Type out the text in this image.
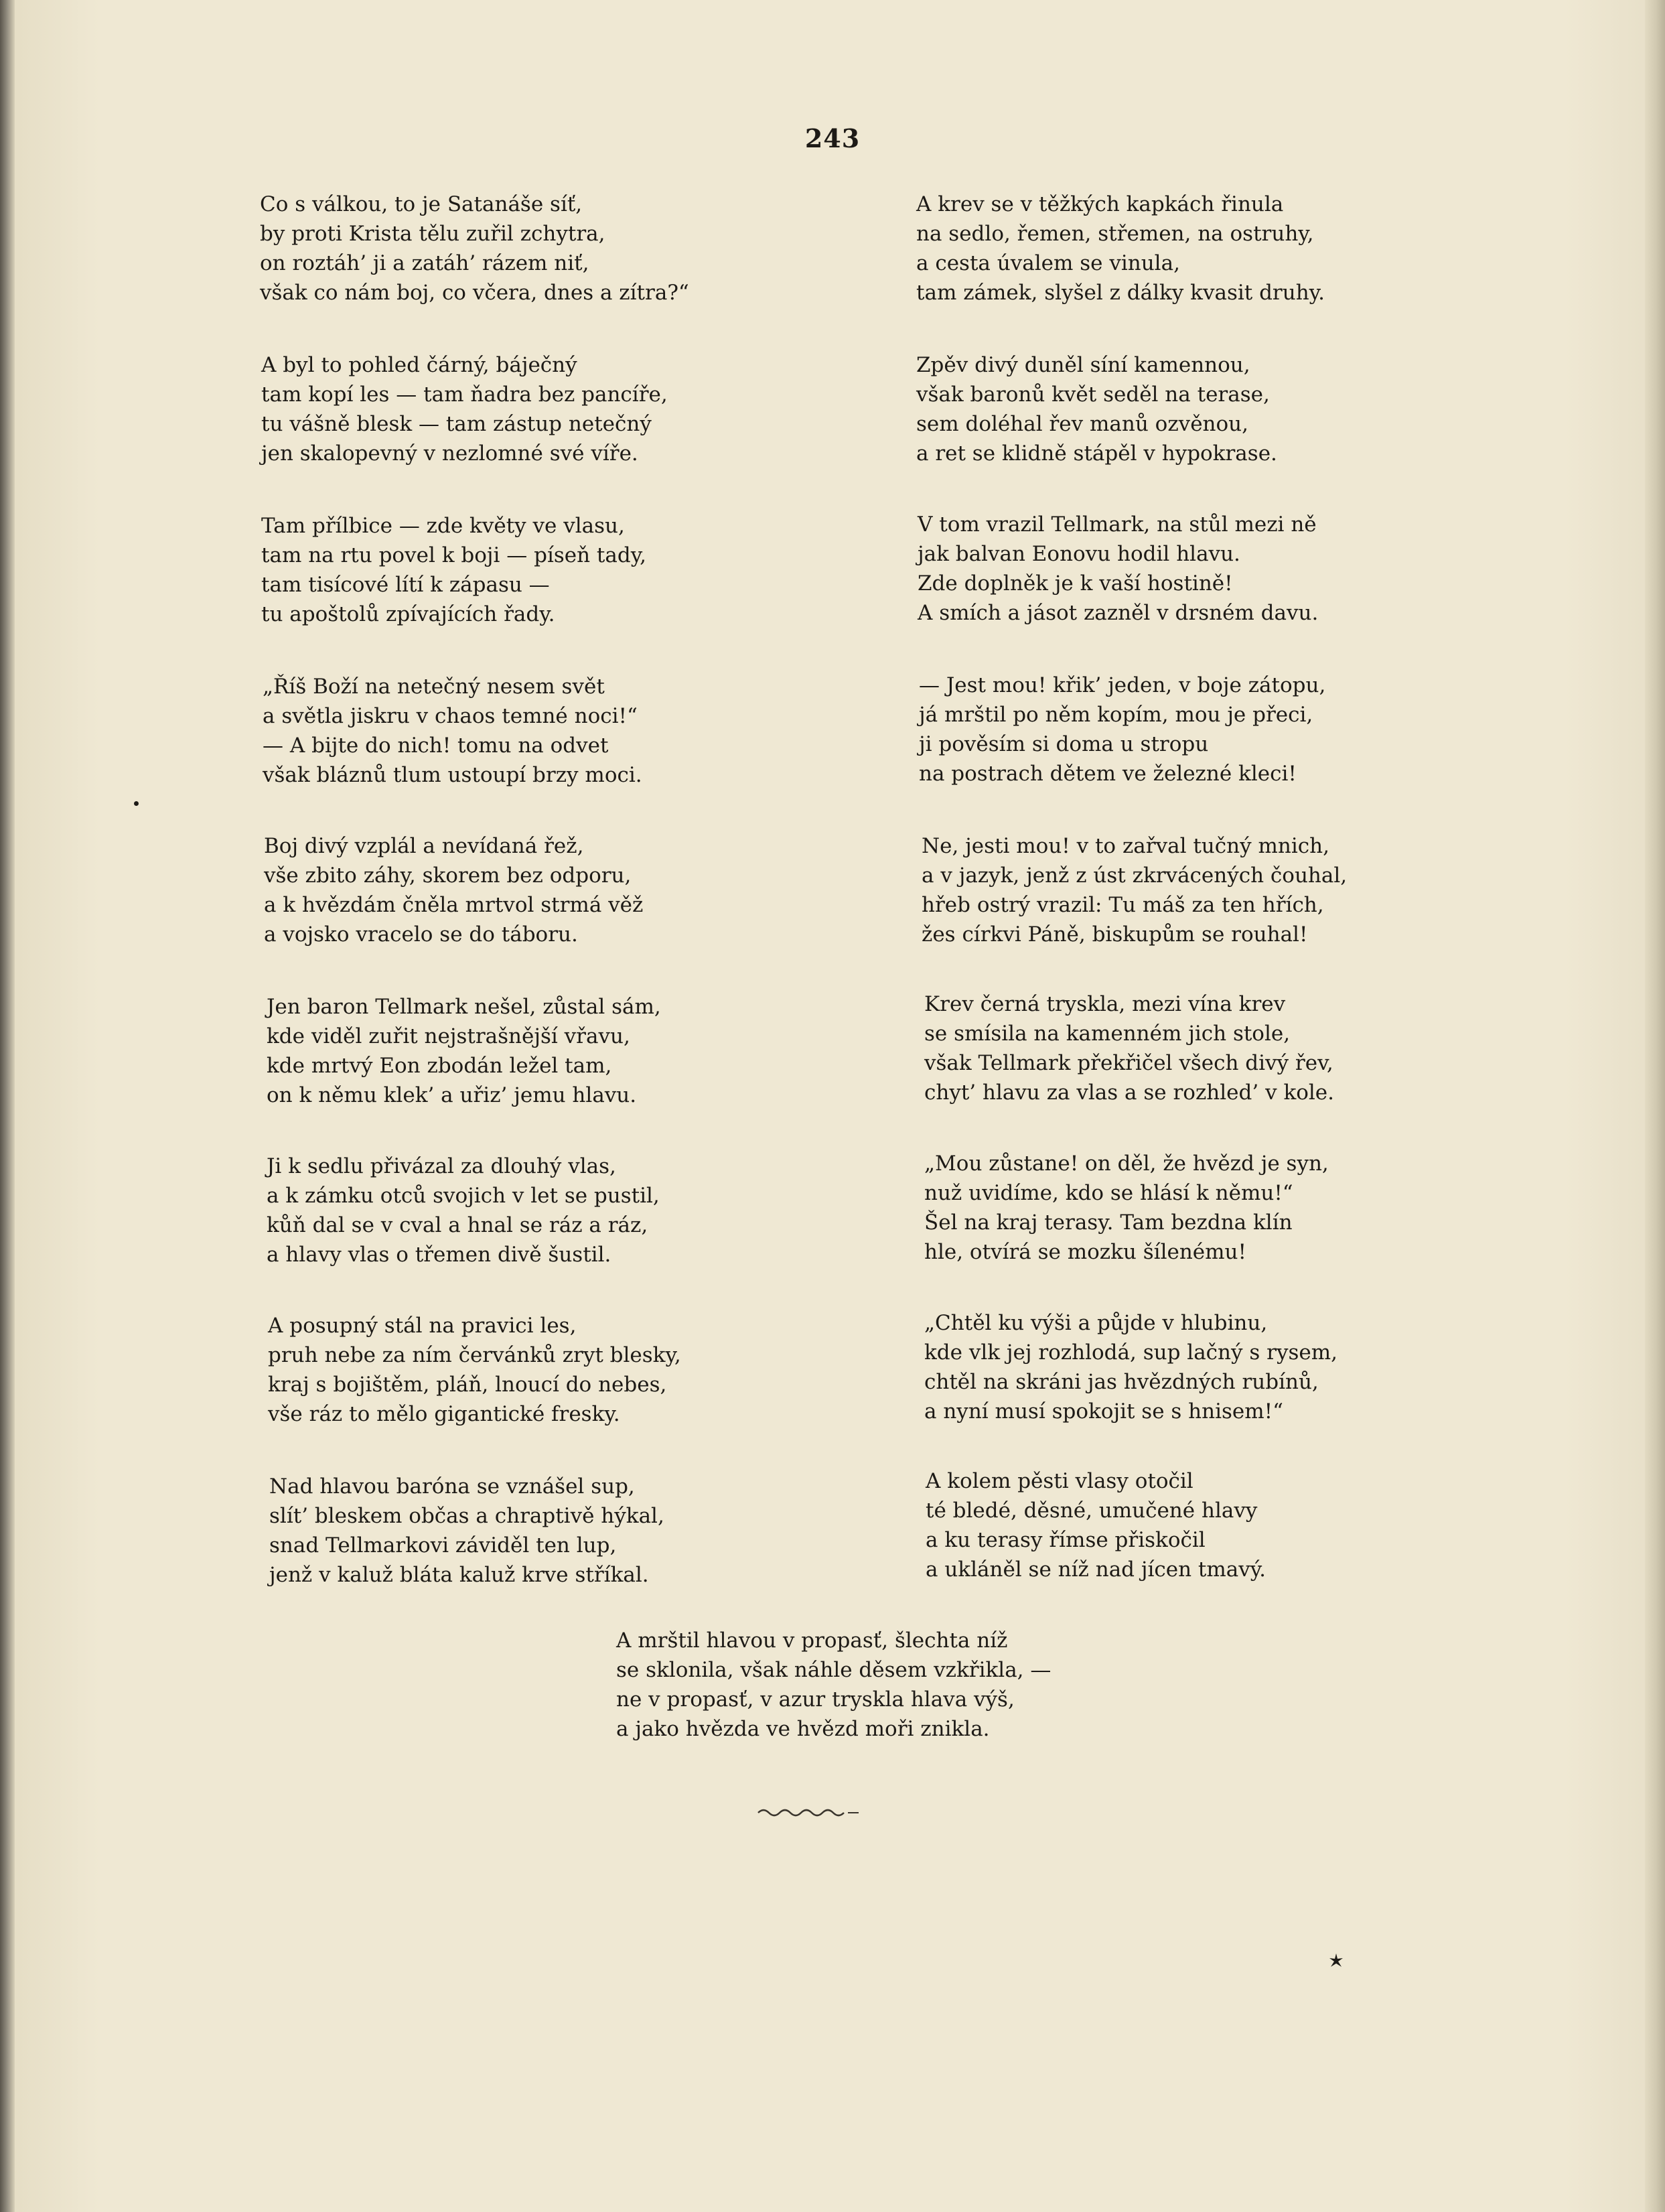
243
Co s válkou, to je Satanáše síť,
by proti Krista tělu zuřil zchytra,
on roztáh’ ji a zatáh’ rázem niť,
však co nám boj, co včera, dnes a zítra?“
A byl to pohled čárný, báječný
tam kopí les — tam ňadra bez pancíře,
tu vášně blesk — tam zástup netečný
jen skalopevný v nezlomné své víře.
Tam přílbice — zde květy ve vlasu,
tam na rtu povel k boji — píseň tady,
tam tisícové lítí k zápasu —
tu apoštolů zpívajících řady.
„Říš Boží na netečný nesem svět
a světla jiskru v chaos temné noci!“
— A bijte do nich! tomu na odvet
však bláznů tlum ustoupí brzy moci.
Boj divý vzplál a nevídaná řež,
vše zbito záhy, skorem bez odporu,
a k hvězdám čněla mrtvol strmá věž
a vojsko vracelo se do táboru.
Jen baron Tellmark nešel, zůstal sám,
kde viděl zuřit nejstrašnější vřavu,
kde mrtvý Eon zbodán ležel tam,
on k němu klek’ a uřiz’ jemu hlavu.
Ji k sedlu přivázal za dlouhý vlas,
a k zámku otců svojich v let se pustil,
kůň dal se v cval a hnal se ráz a ráz,
a hlavy vlas o třemen divě šustil.
A posupný stál na pravici les,
pruh nebe za ním červánků zryt blesky,
kraj s bojištěm, pláň, lnoucí do nebes,
vše ráz to mělo gigantické fresky.
Nad hlavou baróna se vznášel sup,
slít’ bleskem občas a chraptivě hýkal,
snad Tellmarkovi záviděl ten lup,
jenž v kaluž bláta kaluž krve stříkal.
A krev se v těžkých kapkách řinula
na sedlo, řemen, střemen, na ostruhy,
a cesta úvalem se vinula,
tam zámek, slyšel z dálky kvasit druhy.
Zpěv divý duněl síní kamennou,
však baronů květ seděl na terase,
sem doléhal řev manů ozvěnou,
a ret se klidně stápěl v hypokrase.
V tom vrazil Tellmark, na stůl mezi ně
jak balvan Eonovu hodil hlavu.
Zde doplněk je k vaší hostině!
A smích a jásot zazněl v drsném davu.
— Jest mou! křik’ jeden, v boje zátopu,
já mrštil po něm kopím, mou je přeci,
ji pověsím si doma u stropu
na postrach dětem ve železné kleci!
Ne, jesti mou! v to zařval tučný mnich,
a v jazyk, jenž z úst zkrvácených čouhal,
hřeb ostrý vrazil: Tu máš za ten hřích,
žes církvi Páně, biskupům se rouhal!
Krev černá tryskla, mezi vína krev
se smísila na kamenném jich stole,
však Tellmark překřičel všech divý řev,
chyt’ hlavu za vlas a se rozhled’ v kole.
„Mou zůstane! on děl, že hvězd je syn,
nuž uvidíme, kdo se hlásí k němu!“
Šel na kraj terasy. Tam bezdna klín
hle, otvírá se mozku šílenému!
„Chtěl ku výši a půjde v hlubinu,
kde vlk jej rozhlodá, sup lačný s rysem,
chtěl na skráni jas hvězdných rubínů,
a nyní musí spokojit se s hnisem!“
A kolem pěsti vlasy otočil
té bledé, děsné, umučené hlavy
a ku terasy římse přiskočil
a ukláněl se níž nad jícen tmavý.
A mrštil hlavou v propasť, šlechta níž
se sklonila, však náhle děsem vzkřikla, —
ne v propasť, v azur tryskla hlava výš,
a jako hvězda ve hvězd moři znikla.
